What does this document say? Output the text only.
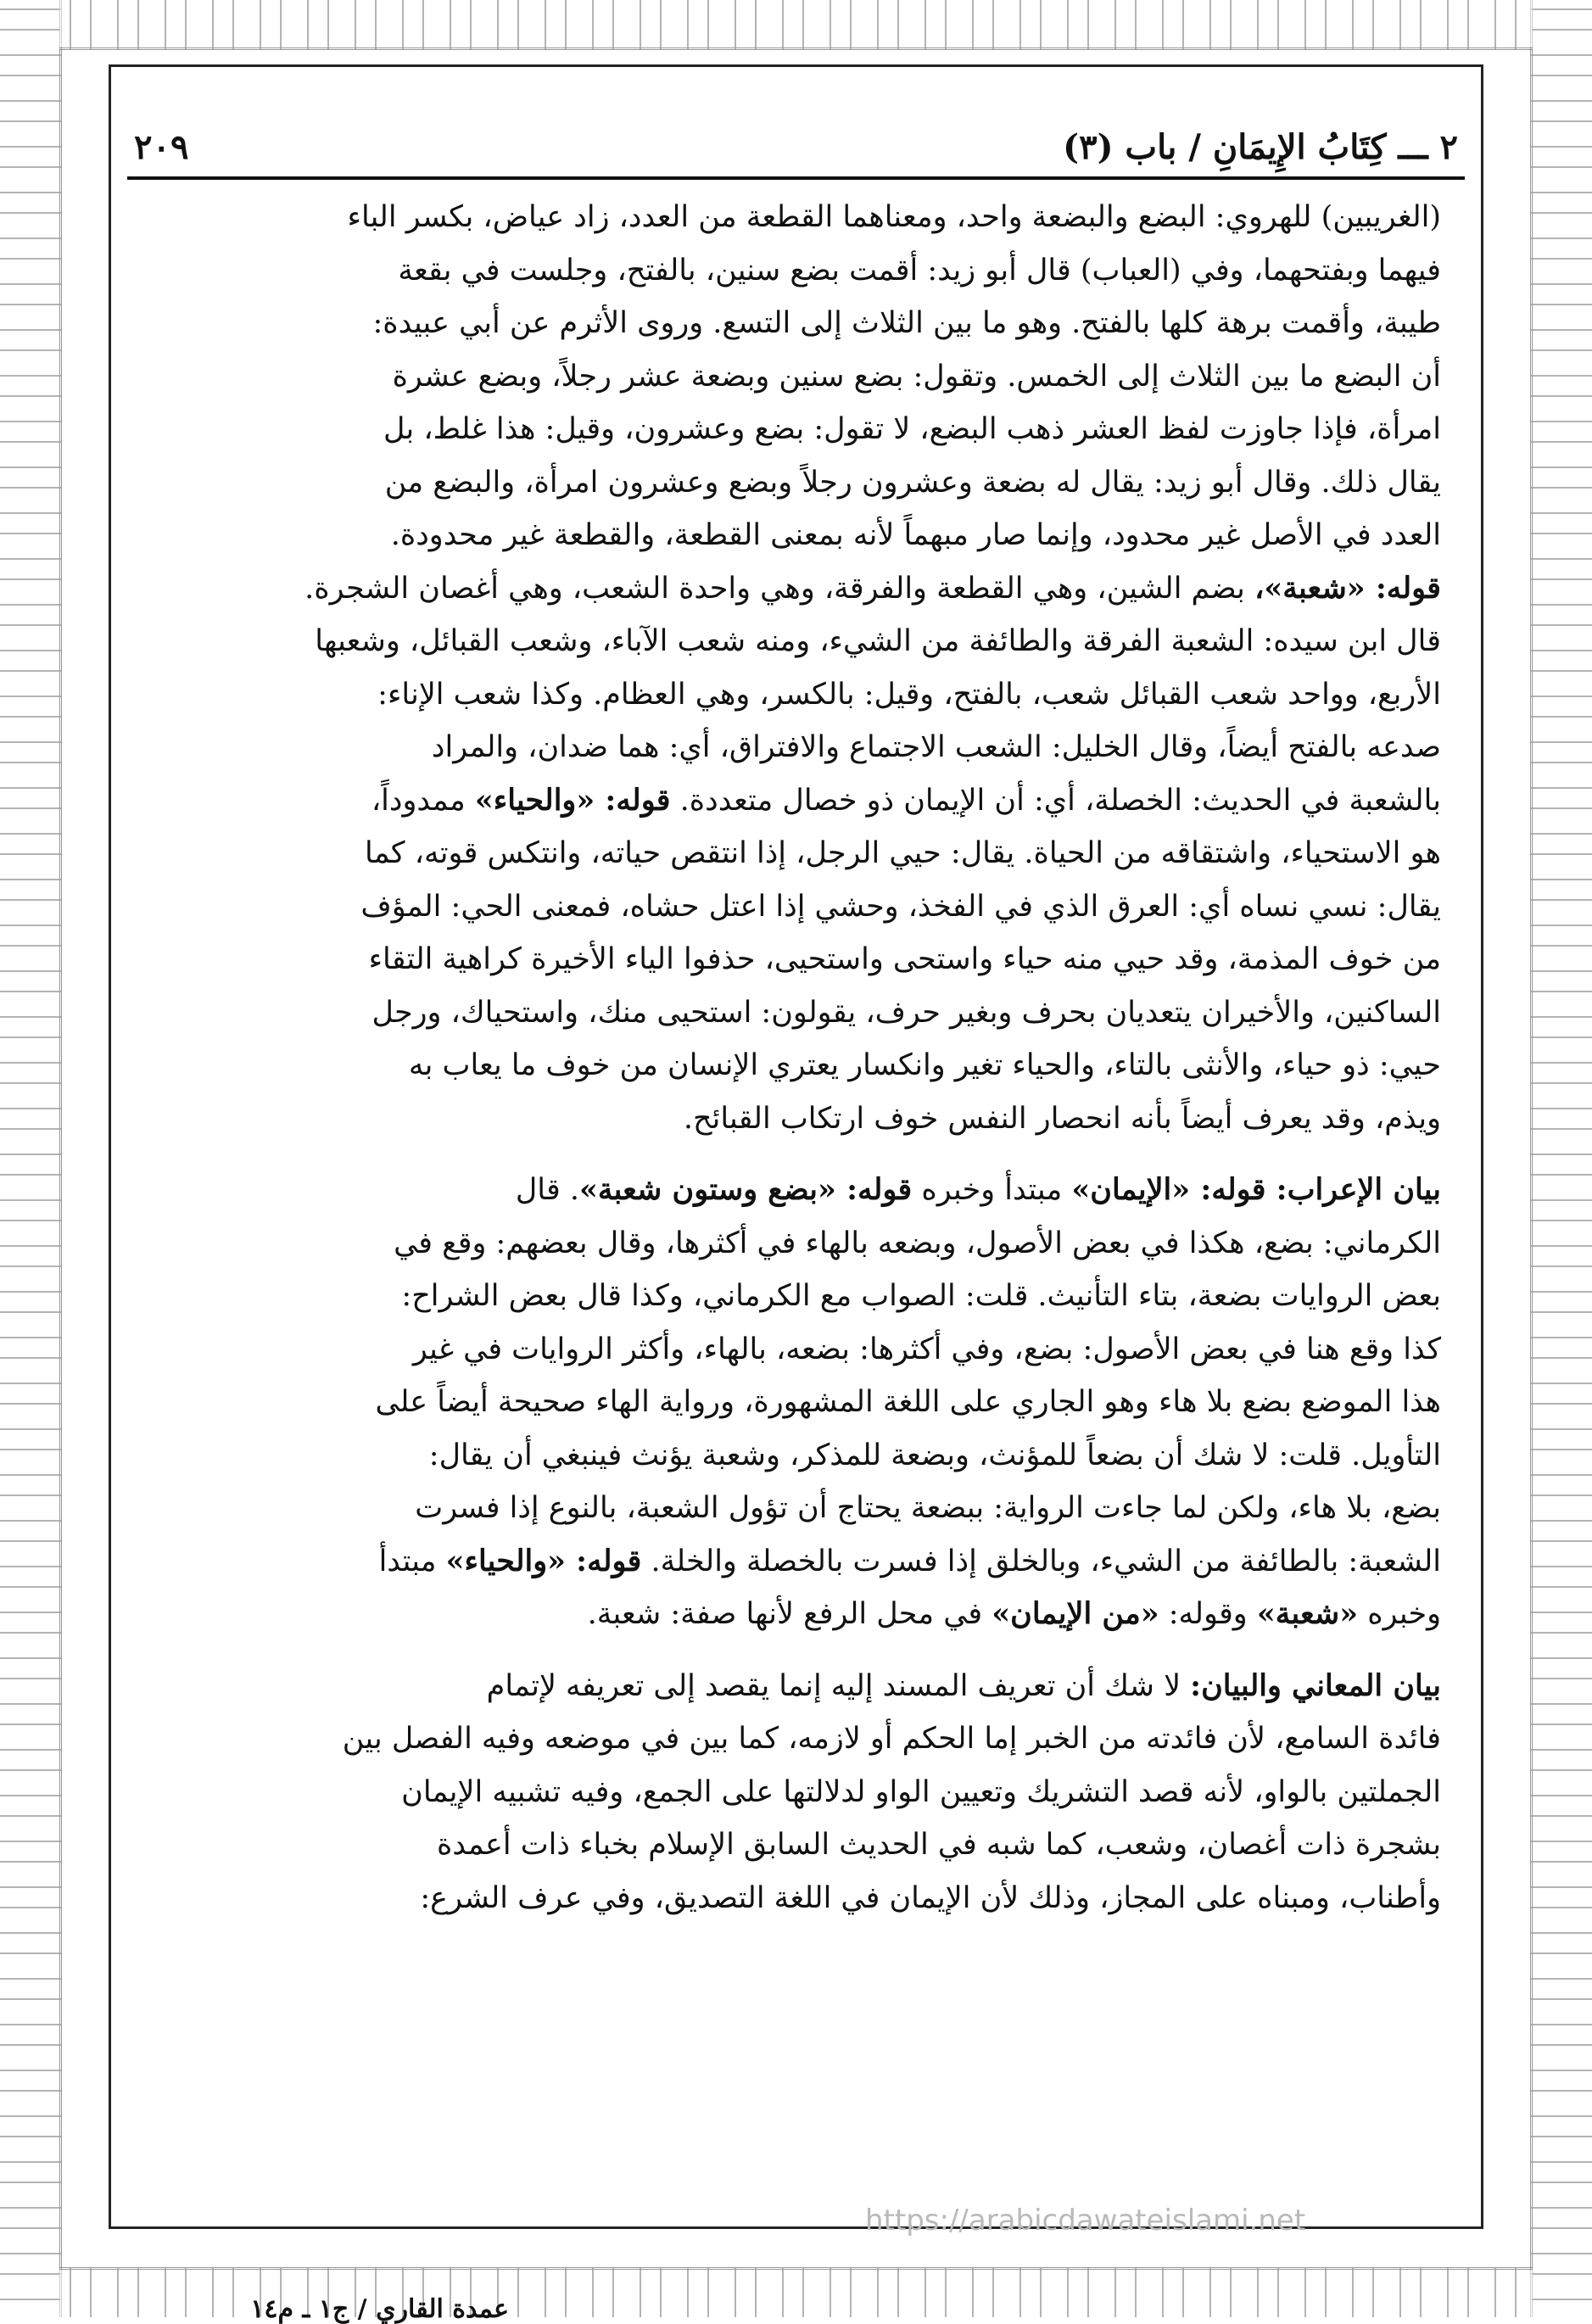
٢ ـــ كِتَابُ الإِيمَانِ / باب (٣)
٢٠٩

(الغريبين) للهروي: البضع والبضعة واحد، ومعناهما القطعة من العدد، زاد عياض، بكسر الباء

فيهما وبفتحهما، وفي (العباب) قال أبو زيد: أقمت بضع سنين، بالفتح، وجلست في بقعة

طيبة، وأقمت برهة كلها بالفتح. وهو ما بين الثلاث إلى التسع. وروى الأثرم عن أبي عبيدة:

أن البضع ما بين الثلاث إلى الخمس. وتقول: بضع سنين وبضعة عشر رجلاً، وبضع عشرة

امرأة، فإذا جاوزت لفظ العشر ذهب البضع، لا تقول: بضع وعشرون، وقيل: هذا غلط، بل

يقال ذلك. وقال أبو زيد: يقال له بضعة وعشرون رجلاً وبضع وعشرون امرأة، والبضع من

العدد في الأصل غير محدود، وإنما صار مبهماً لأنه بمعنى القطعة، والقطعة غير محدودة.

قوله: «شعبة»، بضم الشين، وهي القطعة والفرقة، وهي واحدة الشعب، وهي أغصان الشجرة.

قال ابن سيده: الشعبة الفرقة والطائفة من الشيء، ومنه شعب الآباء، وشعب القبائل، وشعبها

الأربع، وواحد شعب القبائل شعب، بالفتح، وقيل: بالكسر، وهي العظام. وكذا شعب الإناء:

صدعه بالفتح أيضاً، وقال الخليل: الشعب الاجتماع والافتراق، أي: هما ضدان، والمراد

بالشعبة في الحديث: الخصلة، أي: أن الإيمان ذو خصال متعددة. قوله: «والحياء» ممدوداً،

هو الاستحياء، واشتقاقه من الحياة. يقال: حيي الرجل، إذا انتقص حياته، وانتكس قوته، كما

يقال: نسي نساه أي: العرق الذي في الفخذ، وحشي إذا اعتل حشاه، فمعنى الحي: المؤف

من خوف المذمة، وقد حيي منه حياء واستحى واستحيى، حذفوا الياء الأخيرة كراهية التقاء

الساكنين، والأخيران يتعديان بحرف وبغير حرف، يقولون: استحيى منك، واستحياك، ورجل

حيي: ذو حياء، والأنثى بالتاء، والحياء تغير وانكسار يعتري الإنسان من خوف ما يعاب به

ويذم، وقد يعرف أيضاً بأنه انحصار النفس خوف ارتكاب القبائح.

بيان الإعراب: قوله: «الإيمان» مبتدأ وخبره قوله: «بضع وستون شعبة». قال

الكرماني: بضع، هكذا في بعض الأصول، وبضعه بالهاء في أكثرها، وقال بعضهم: وقع في

بعض الروايات بضعة، بتاء التأنيث. قلت: الصواب مع الكرماني، وكذا قال بعض الشراح:

كذا وقع هنا في بعض الأصول: بضع، وفي أكثرها: بضعه، بالهاء، وأكثر الروايات في غير

هذا الموضع بضع بلا هاء وهو الجاري على اللغة المشهورة، ورواية الهاء صحيحة أيضاً على

التأويل. قلت: لا شك أن بضعاً للمؤنث، وبضعة للمذكر، وشعبة يؤنث فينبغي أن يقال:

بضع، بلا هاء، ولكن لما جاءت الرواية: ببضعة يحتاج أن تؤول الشعبة، بالنوع إذا فسرت

الشعبة: بالطائفة من الشيء، وبالخلق إذا فسرت بالخصلة والخلة. قوله: «والحياء» مبتدأ

وخبره «شعبة» وقوله: «من الإيمان» في محل الرفع لأنها صفة: شعبة.

بيان المعاني والبيان: لا شك أن تعريف المسند إليه إنما يقصد إلى تعريفه لإتمام

فائدة السامع، لأن فائدته من الخبر إما الحكم أو لازمه، كما بين في موضعه وفيه الفصل بين

الجملتين بالواو، لأنه قصد التشريك وتعيين الواو لدلالتها على الجمع، وفيه تشبيه الإيمان

بشجرة ذات أغصان، وشعب، كما شبه في الحديث السابق الإسلام بخباء ذات أعمدة

وأطناب، ومبناه على المجاز، وذلك لأن الإيمان في اللغة التصديق، وفي عرف الشرع:

https://arabicdawateislami.net
عمدة القاري / ج١ ـ م١٤
